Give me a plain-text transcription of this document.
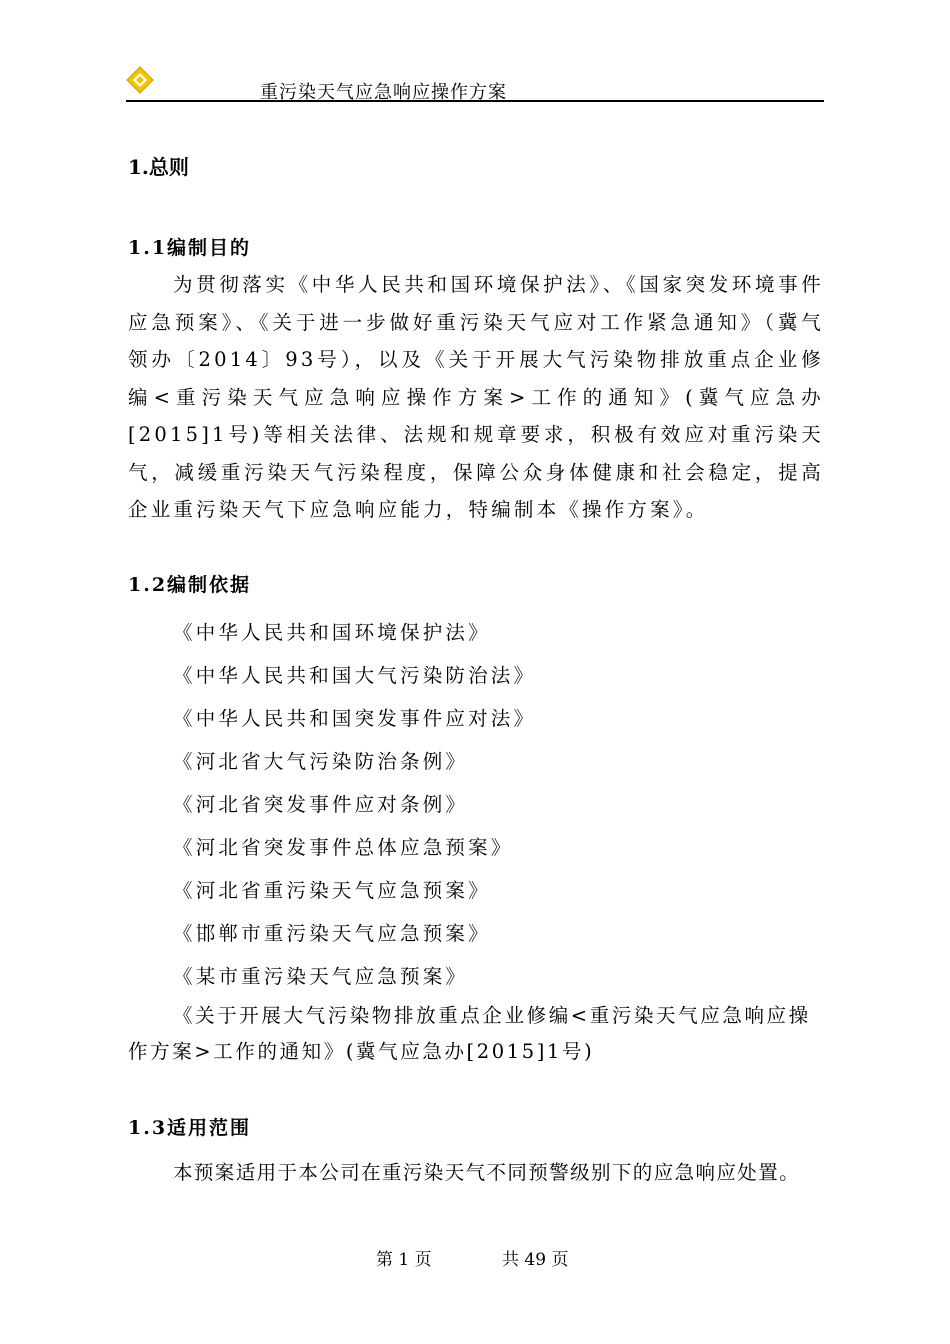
重污染天气应急响应操作方案
1.总则
1.1编制目的

为贯彻落实《中华人民共和国环境保护法》、《国家突发环境事件应急预案》、《关于进一步做好重污染天气应对工作紧急通知》（冀气领办〔2014〕93号），以及《关于开展大气污染物排放重点企业修编<重污染天气应急响应操作方案>工作的通知》(冀气应急办[2015]1号)等相关法律、法规和规章要求，积极有效应对重污染天气，减缓重污染天气污染程度，保障公众身体健康和社会稳定，提高企业重污染天气下应急响应能力，特编制本《操作方案》。

1.2编制依据

《中华人民共和国环境保护法》

《中华人民共和国大气污染防治法》

《中华人民共和国突发事件应对法》

《河北省大气污染防治条例》

《河北省突发事件应对条例》

《河北省突发事件总体应急预案》

《河北省重污染天气应急预案》

《邯郸市重污染天气应急预案》

《某市重污染天气应急预案》

《关于开展大气污染物排放重点企业修编<重污染天气应急响应操作方案>工作的通知》(冀气应急办[2015]1号)

1.3适用范围

本预案适用于本公司在重污染天气不同预警级别下的应急响应处置。

第 1 页	共 49 页
